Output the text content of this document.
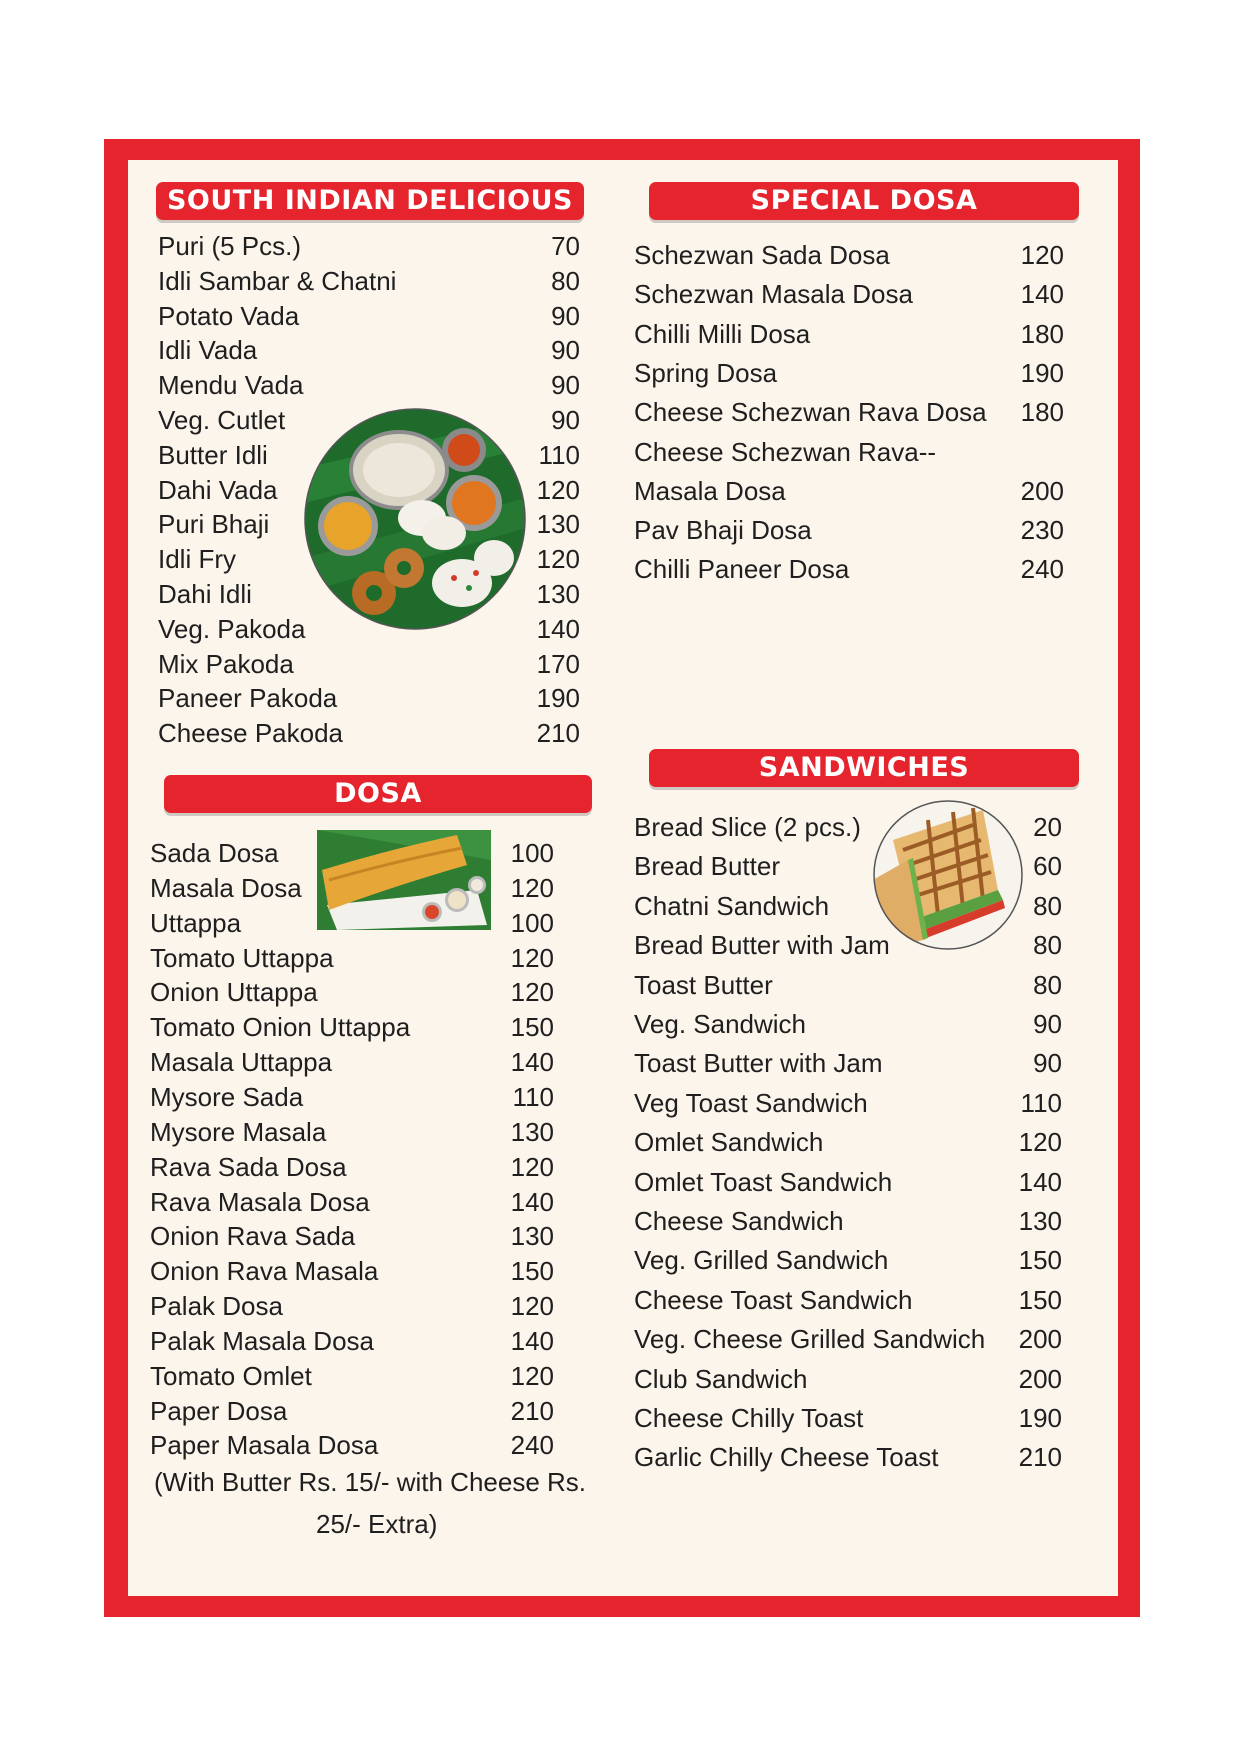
SOUTH INDIAN DELICIOUS
Puri (5 Pcs.)	70
Idli Sambar & Chatni	80
Potato Vada	90
Idli Vada	90
Mendu Vada	90
Veg. Cutlet	90
Butter Idli	110
Dahi Vada	120
Puri Bhaji	130
Idli Fry	120
Dahi Idli	130
Veg. Pakoda	140
Mix Pakoda	170
Paneer Pakoda	190
Cheese Pakoda	210
SPECIAL DOSA
Schezwan Sada Dosa	120
Schezwan Masala Dosa	140
Chilli Milli Dosa	180
Spring Dosa	190
Cheese Schezwan Rava Dosa 180
Cheese Schezwan Rava--
Masala Dosa	200
Pav Bhaji Dosa	230
Chilli Paneer Dosa	240
DOSA
Sada Dosa	100
Masala Dosa	120
Uttappa	100
Tomato Uttappa	120
Onion Uttappa	120
Tomato Onion Uttappa	150
Masala Uttappa	140
Mysore Sada	110
Mysore Masala	130
Rava Sada Dosa	120
Rava Masala Dosa	140
Onion Rava Sada	130
Onion Rava Masala	150
Palak Dosa	120
Palak Masala Dosa	140
Tomato Omlet	120
Paper Dosa	210
Paper Masala Dosa	240
(With Butter Rs. 15/- with Cheese Rs.
25/- Extra)
SANDWICHES
Bread Slice (2 pcs.)	20
Bread Butter	60
Chatni Sandwich	80
Bread Butter with Jam	80
Toast Butter	80
Veg. Sandwich	90
Toast Butter with Jam	90
Veg Toast Sandwich	110
Omlet Sandwich	120
Omlet Toast Sandwich	140
Cheese Sandwich	130
Veg. Grilled Sandwich	150
Cheese Toast Sandwich	150
Veg. Cheese Grilled Sandwich 200
Club Sandwich	200
Cheese Chilly Toast	190
Garlic Chilly Cheese Toast	210
